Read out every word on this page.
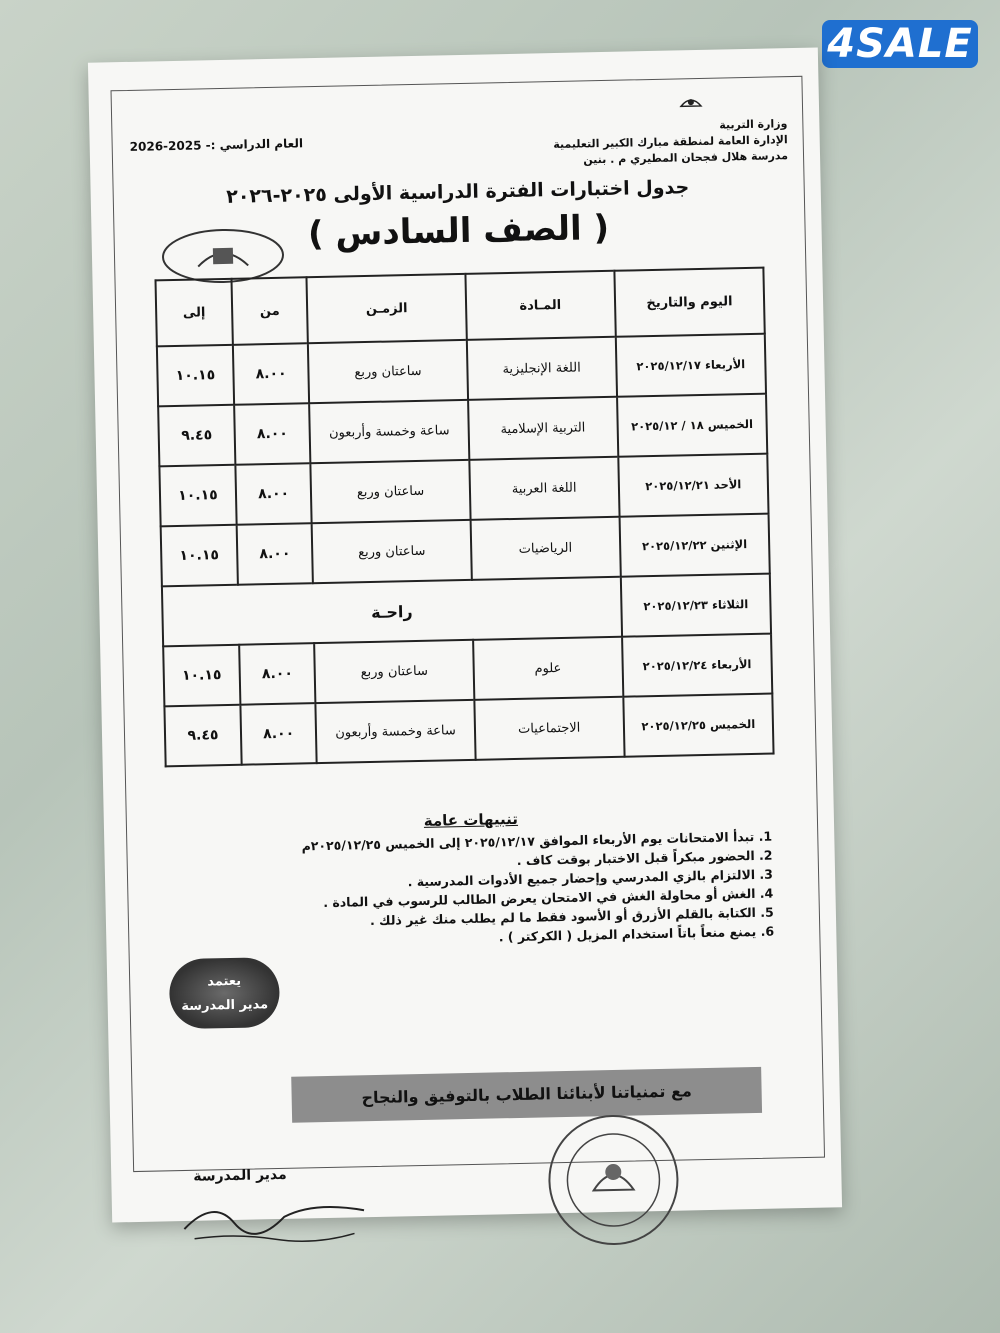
4SALE
وزارة التربية
الإدارة العامة لمنطقة مبارك الكبير التعليمية
مدرسة هلال فجحان المطيري م . بنين
العام الدراسي :- 2025-2026
جدول اختبارات الفترة الدراسية الأولى ٢٠٢٥-٢٠٢٦
( الصف السادس )
اليوم والتاريخ	المـادة	الزمـن	من	إلى
الأربعاء ٢٠٢٥/١٢/١٧	اللغة الإنجليزية	ساعتان وربع	٨.٠٠	١٠.١٥
الخميس ١٨ / ٢٠٢٥/١٢	التربية الإسلامية	ساعة وخمسة وأربعون	٨.٠٠	٩.٤٥
الأحد ٢٠٢٥/١٢/٢١	اللغة العربية	ساعتان وربع	٨.٠٠	١٠.١٥
الإثنين ٢٠٢٥/١٢/٢٢	الرياضيات	ساعتان وربع	٨.٠٠	١٠.١٥
الثلاثاء ٢٠٢٥/١٢/٢٣	راحـة			
الأربعاء ٢٠٢٥/١٢/٢٤	علوم	ساعتان وربع	٨.٠٠	١٠.١٥
الخميس ٢٠٢٥/١٢/٢٥	الاجتماعيات	ساعة وخمسة وأربعون	٨.٠٠	٩.٤٥
تنبيهات عامة
1. تبدأ الامتحانات يوم الأربعاء الموافق ٢٠٢٥/١٢/١٧ إلى الخميس ٢٠٢٥/١٢/٢٥م
2. الحضور مبكراً قبل الاختبار بوقت كاف .
3. الالتزام بالزي المدرسي وإحضار جميع الأدوات المدرسية .
4. الغش أو محاولة الغش في الامتحان يعرض الطالب للرسوب في المادة .
5. الكتابة بالقلم الأزرق أو الأسود فقط ما لم يطلب منك غير ذلك .
6. يمنع منعاً باتاً استخدام المزيل ( الكركتر ) .
يعتمد
مدير المدرسة
مع تمنياتنا لأبنائنا الطلاب بالتوفيق والنجاح
مدير المدرسة
